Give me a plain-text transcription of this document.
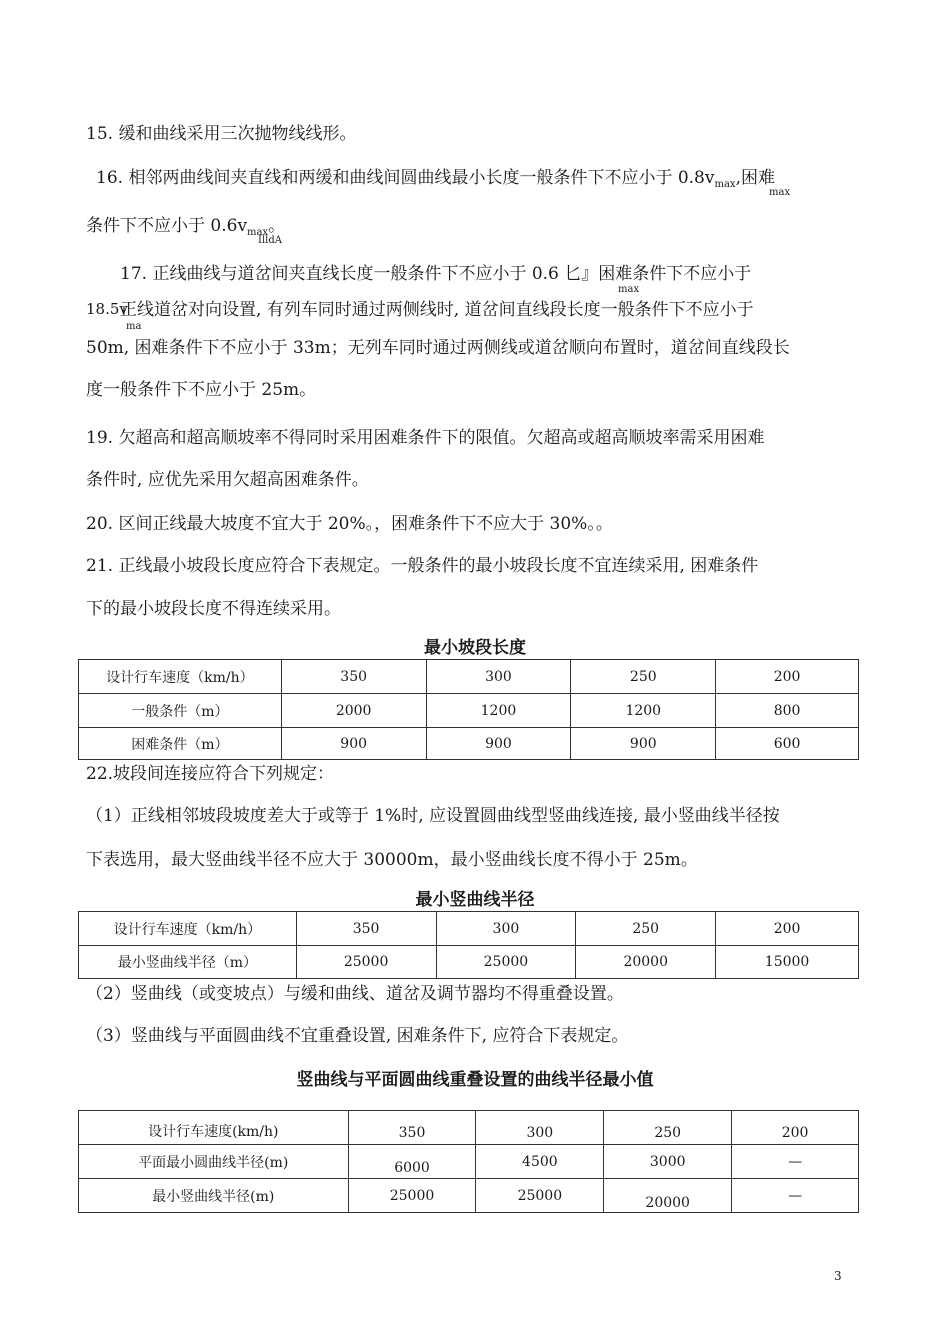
15. 缓和曲线采用三次抛物线线形。
16. 相邻两曲线间夹直线和两缓和曲线间圆曲线最小长度一般条件下不应小于 $0.8v_{max}$,困难
max
条件下不应小于 $0.6v_{max}$。
IlldA
17. 正线曲线与道岔间夹直线长度一般条件下不应小于 0.6 匕』困难条件下不应小于
max
18.5v
正线道岔对向设置, 有列车同时通过两侧线时, 道岔间直线段长度一般条件下不应小于
ma
50m, 困难条件下不应小于 33m；无列车同时通过两侧线或道岔顺向布置时，道岔间直线段长
度一般条件下不应小于 25m。
19. 欠超高和超高顺坡率不得同时采用困难条件下的限值。欠超高或超高顺坡率需采用困难
条件时, 应优先采用欠超高困难条件。
20. 区间正线最大坡度不宜大于 20%。，困难条件下不应大于 30%。。
21. 正线最小坡段长度应符合下表规定。一般条件的最小坡段长度不宜连续采用, 困难条件
下的最小坡段长度不得连续采用。
最小坡段长度
设计行车速度（km/h）	350	300	250	200
一般条件（m）	2000	1200	1200	800
困难条件（m）	900	900	900	600
22.坡段间连接应符合下列规定：
（1）正线相邻坡段坡度差大于或等于 1%时, 应设置圆曲线型竖曲线连接, 最小竖曲线半径按
下表选用，最大竖曲线半径不应大于 30000m，最小竖曲线长度不得小于 25m。
最小竖曲线半径
设计行车速度（km/h）	350	300	250	200
最小竖曲线半径（m）	25000	25000	20000	15000
（2）竖曲线（或变坡点）与缓和曲线、道岔及调节器均不得重叠设置。
（3）竖曲线与平面圆曲线不宜重叠设置, 困难条件下, 应符合下表规定。
竖曲线与平面圆曲线重叠设置的曲线半径最小值
设计行车速度(km/h)	350	300	250	200
平面最小圆曲线半径(m)	6000	4500	3000	—
最小竖曲线半径(m)	25000	25000	20000	—
3
